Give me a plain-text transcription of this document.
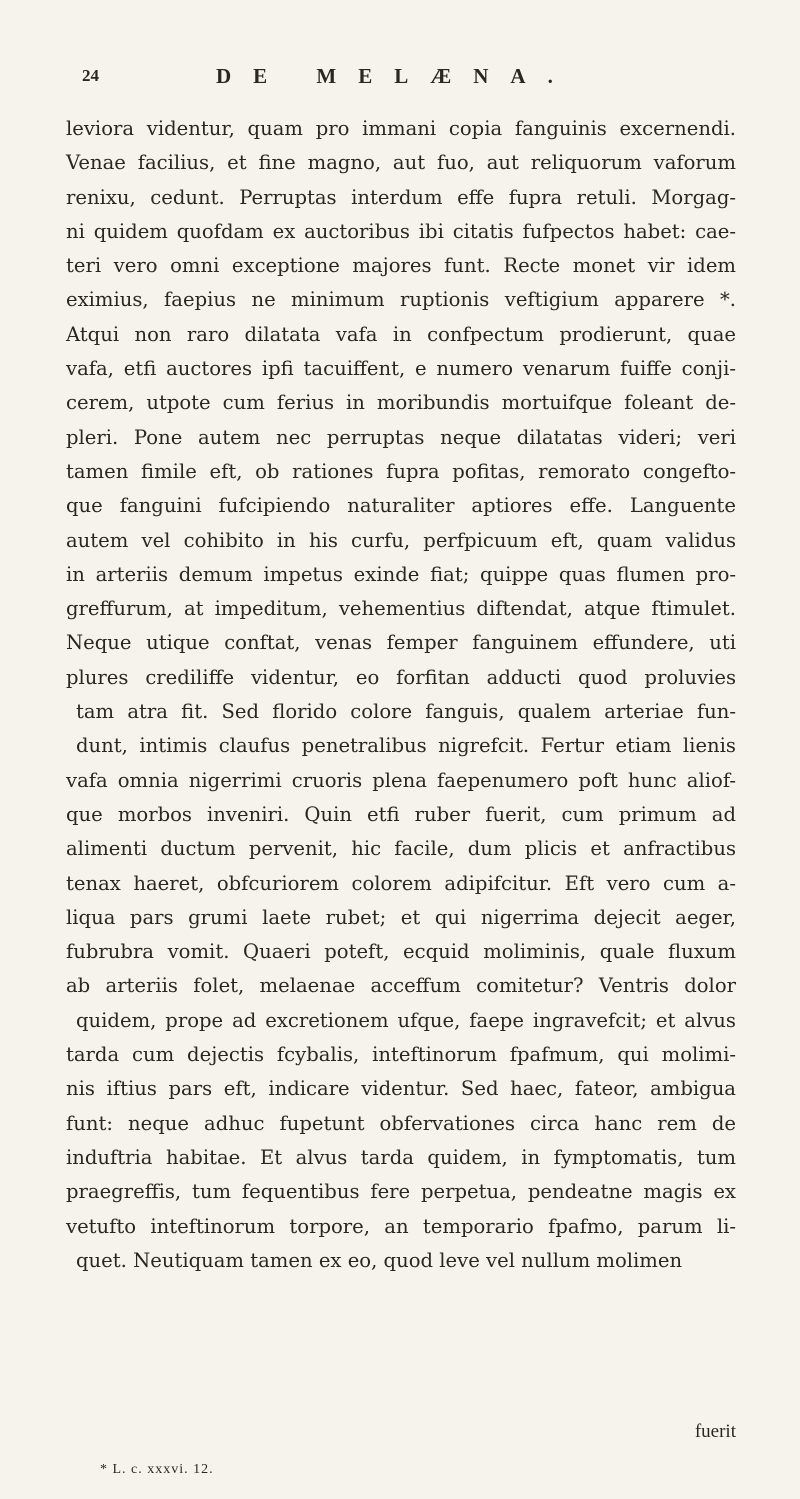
24	DE MELÆNA.
leviora videntur, quam pro immani copia fanguinis excernendi.
Venae facilius, et fine magno, aut fuo, aut reliquorum vaforum
renixu, cedunt. Perruptas interdum effe fupra retuli. Morgag-
ni quidem quofdam ex auctoribus ibi citatis fufpectos habet: cae-
teri vero omni exceptione majores funt. Recte monet vir idem
eximius, faepius ne minimum ruptionis veftigium apparere *.
Atqui non raro dilatata vafa in confpectum prodierunt, quae
vafa, etfi auctores ipfi tacuiffent, e numero venarum fuiffe conji-
cerem, utpote cum ferius in moribundis mortuifque foleant de-
pleri. Pone autem nec perruptas neque dilatatas videri; veri
tamen fimile eft, ob rationes fupra pofitas, remorato congefto-
que fanguini fufcipiendo naturaliter aptiores effe. Languente
autem vel cohibito in his curfu, perfpicuum eft, quam validus
in arteriis demum impetus exinde fiat; quippe quas flumen pro-
greffurum, at impeditum, vehementius diftendat, atque ftimulet.
Neque utique conftat, venas femper fanguinem effundere, uti
plures crediliffe videntur, eo forfitan adducti quod proluvies
tam atra fit. Sed florido colore fanguis, qualem arteriae fun-
dunt, intimis claufus penetralibus nigrefcit. Fertur etiam lienis
vafa omnia nigerrimi cruoris plena faepenumero poft hunc aliof-
que morbos inveniri. Quin etfi ruber fuerit, cum primum ad
alimenti ductum pervenit, hic facile, dum plicis et anfractibus
tenax haeret, obfcuriorem colorem adipifcitur. Eft vero cum a-
liqua pars grumi laete rubet; et qui nigerrima dejecit aeger,
fubrubra vomit. Quaeri poteft, ecquid moliminis, quale fluxum
ab arteriis folet, melaenae acceffum comitetur? Ventris dolor
quidem, prope ad excretionem ufque, faepe ingravefcit; et alvus
tarda cum dejectis fcybalis, inteftinorum fpafmum, qui molimi-
nis iftius pars eft, indicare videntur. Sed haec, fateor, ambigua
funt: neque adhuc fupetunt obfervationes circa hanc rem de
induftria habitae. Et alvus tarda quidem, in fymptomatis, tum
praegreffis, tum fequentibus fere perpetua, pendeatne magis ex
vetufto inteftinorum torpore, an temporario fpafmo, parum li-
quet. Neutiquam tamen ex eo, quod leve vel nullum molimen
fuerit
* L. c. xxxvi. 12.
